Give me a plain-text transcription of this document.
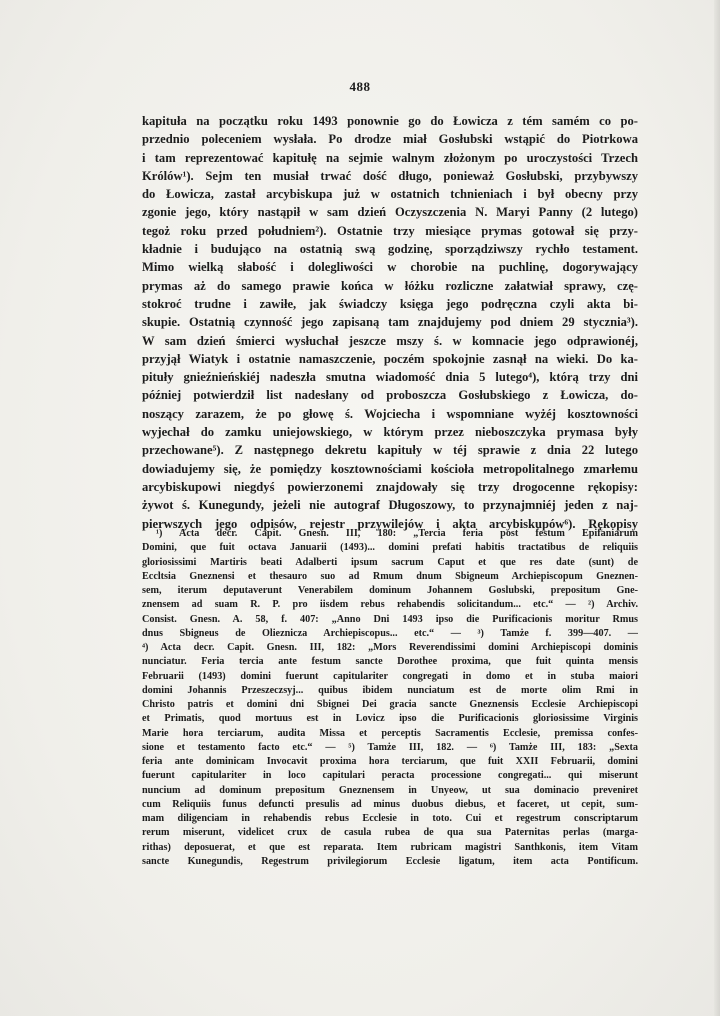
488

kapituła na początku roku 1493 ponownie go do Łowicza z tém samém co po-

przednio poleceniem wysłała. Po drodze miał Gosłubski wstąpić do Piotrkowa

i tam reprezentować kapitułę na sejmie walnym złożonym po uroczystości Trzech

Królów¹). Sejm ten musiał trwać dość długo, ponieważ Gosłubski, przybywszy

do Łowicza, zastał arcybiskupa już w ostatnich tchnieniach i był obecny przy

zgonie jego, który nastąpił w sam dzień Oczyszczenia N. Maryi Panny (2 lutego)

tegoż roku przed południem²). Ostatnie trzy miesiące prymas gotował się przy-

kładnie i budująco na ostatnią swą godzinę, sporządziwszy rychło testament.

Mimo wielką słabość i dolegliwości w chorobie na puchlinę, dogorywający

prymas aż do samego prawie końca w łóżku rozliczne załatwiał sprawy, czę-

stokroć trudne i zawiłe, jak świadczy księga jego podręczna czyli akta bi-

skupie. Ostatnią czynność jego zapisaną tam znajdujemy pod dniem 29 stycznia³).

W sam dzień śmierci wysłuchał jeszcze mszy ś. w komnacie jego odprawionéj,

przyjął Wiatyk i ostatnie namaszczenie, poczém spokojnie zasnął na wieki. Do ka-

pituły gnieźnieńskiéj nadeszła smutna wiadomość dnia 5 lutego⁴), którą trzy dni

później potwierdził list nadesłany od proboszcza Gosłubskiego z Łowicza, do-

noszący zarazem, że po głowę ś. Wojciecha i wspomniane wyżéj kosztowności

wyjechał do zamku uniejowskiego, w którym przez nieboszczyka prymasa były

przechowane⁵). Z następnego dekretu kapituły w téj sprawie z dnia 22 lutego

dowiadujemy się, że pomiędzy kosztownościami kościoła metropolitalnego zmarłemu

arcybiskupowi niegdyś powierzonemi znajdowały się trzy drogocenne rękopisy:

żywot ś. Kunegundy, jeżeli nie autograf Długoszowy, to przynajmniéj jeden z naj-

pierwszych jego odpisów, rejestr przywilejów i akta arcybiskupów⁶). Rękopisy

¹) Acta decr. Capit. Gnesn. III, 180: „Tercia feria post festum Epifaniarum

Domini, que fuit octava Januarii (1493)... domini prefati habitis tractatibus de reliquiis

gloriosissimi Martiris beati Adalberti ipsum sacrum Caput et que res date (sunt) de

Eccltsia Gneznensi et thesauro suo ad Rmum dnum Sbigneum Archiepiscopum Gneznen-

sem, iterum deputaverunt Venerabilem dominum Johannem Goslubski, prepositum Gne-

znensem ad suam R. P. pro iisdem rebus rehabendis solicitandum... etc.“ — ²) Archiv.

Consist. Gnesn. A. 58, f. 407: „Anno Dni 1493 ipso die Purificacionis moritur Rmus

dnus Sbigneus de Olieznicza Archiepiscopus... etc.“ — ³) Tamże f. 399—407. —

⁴) Acta decr. Capit. Gnesn. III, 182: „Mors Reverendissimi domini Archiepiscopi dominis

nunciatur. Feria tercia ante festum sancte Dorothee proxima, que fuit quinta mensis

Februarii (1493) domini fuerunt capitulariter congregati in domo et in stuba maiori

domini Johannis Przeszeczsyj... quibus ibidem nunciatum est de morte olim Rmi in

Christo patris et domini dni Sbignei Dei gracia sancte Gneznensis Ecclesie Archiepiscopi

et Primatis, quod mortuus est in Lovicz ipso die Purificacionis gloriosissime Virginis

Marie hora terciarum, audita Missa et perceptis Sacramentis Ecclesie, premissa confes-

sione et testamento facto etc.“ — ⁵) Tamże III, 182. — ⁶) Tamże III, 183: „Sexta

feria ante dominicam Invocavit proxima hora terciarum, que fuit XXII Februarii, domini

fuerunt capitulariter in loco capitulari peracta processione congregati... qui miserunt

nuncium ad dominum prepositum Gneznensem in Unyeow, ut sua dominacio preveniret

cum Reliquiis funus defuncti presulis ad minus duobus diebus, et faceret, ut cepit, sum-

mam diligenciam in rehabendis rebus Ecclesie in toto. Cui et regestrum conscriptarum

rerum miserunt, videlicet crux de casula rubea de qua sua Paternitas perlas (marga-

rithas) deposuerat, et que est reparata. Item rubricam magistri Santhkonis, item Vitam

sancte Kunegundis, Regestrum privilegiorum Ecclesie ligatum, item acta Pontificum.
